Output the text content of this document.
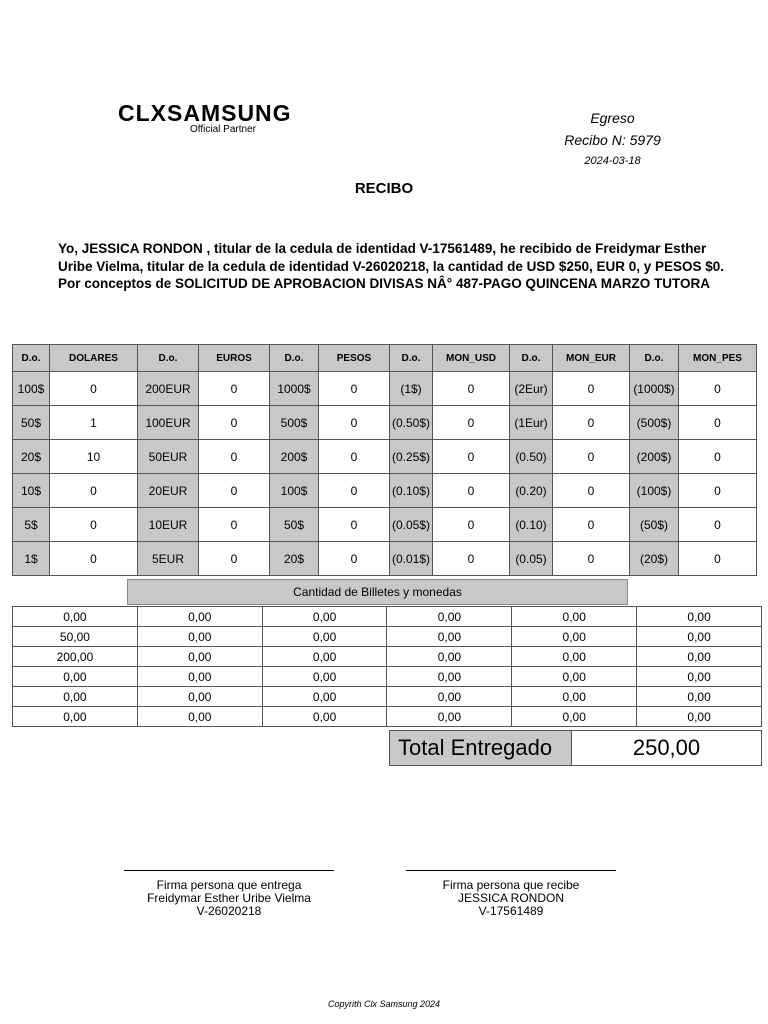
CLXSAMSUNG
Official Partner
Egreso
Recibo N: 5979
2024-03-18
RECIBO
Yo, JESSICA RONDON , titular de la cedula de identidad V-17561489, he recibido de Freidymar Esther Uribe Vielma, titular de la cedula de identidad V-26020218, la cantidad de USD $250, EUR 0, y PESOS $0. Por conceptos de SOLICITUD DE APROBACION DIVISAS NÂ° 487-PAGO QUINCENA MARZO TUTORA
D.o.	DOLARES	D.o.	EUROS	D.o.	PESOS	D.o.	MON_USD	D.o.	MON_EUR	D.o.	MON_PES
100$	0	200EUR	0	1000$	0	(1$)	0	(2Eur)	0	(1000$)	0
50$	1	100EUR	0	500$	0	(0.50$)	0	(1Eur)	0	(500$)	0
20$	10	50EUR	0	200$	0	(0.25$)	0	(0.50)	0	(200$)	0
10$	0	20EUR	0	100$	0	(0.10$)	0	(0.20)	0	(100$)	0
5$	0	10EUR	0	50$	0	(0.05$)	0	(0.10)	0	(50$)	0
1$	0	5EUR	0	20$	0	(0.01$)	0	(0.05)	0	(20$)	0
Cantidad de Billetes y monedas
0,00	0,00	0,00	0,00	0,00	0,00
50,00	0,00	0,00	0,00	0,00	0,00
200,00	0,00	0,00	0,00	0,00	0,00
0,00	0,00	0,00	0,00	0,00	0,00
0,00	0,00	0,00	0,00	0,00	0,00
0,00	0,00	0,00	0,00	0,00	0,00
Total Entregado	250,00
Firma persona que entrega
Freidymar Esther Uribe Vielma
V-26020218
Firma persona que recibe
JESSICA RONDON
V-17561489
Copyrith Clx Samsung 2024
